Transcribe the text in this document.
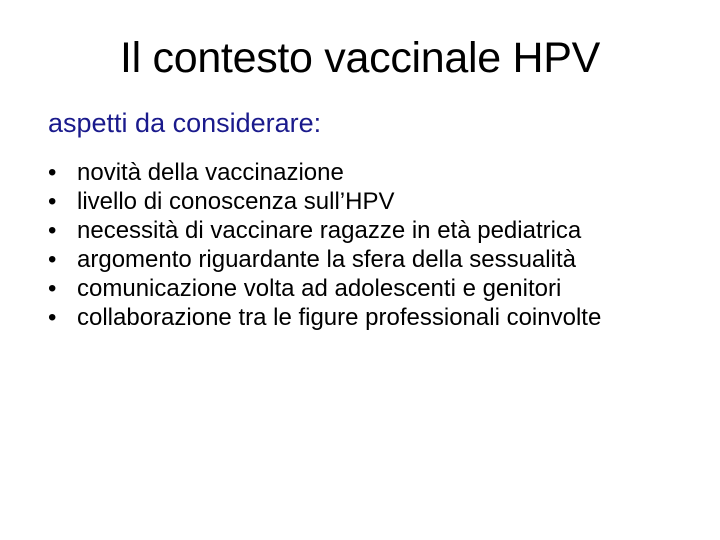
Il contesto vaccinale HPV
aspetti da considerare:
• novità della vaccinazione
• livello di conoscenza sull’HPV
• necessità di vaccinare ragazze in età pediatrica
• argomento riguardante la sfera della sessualità
• comunicazione volta ad adolescenti e genitori
• collaborazione tra le figure professionali coinvolte
